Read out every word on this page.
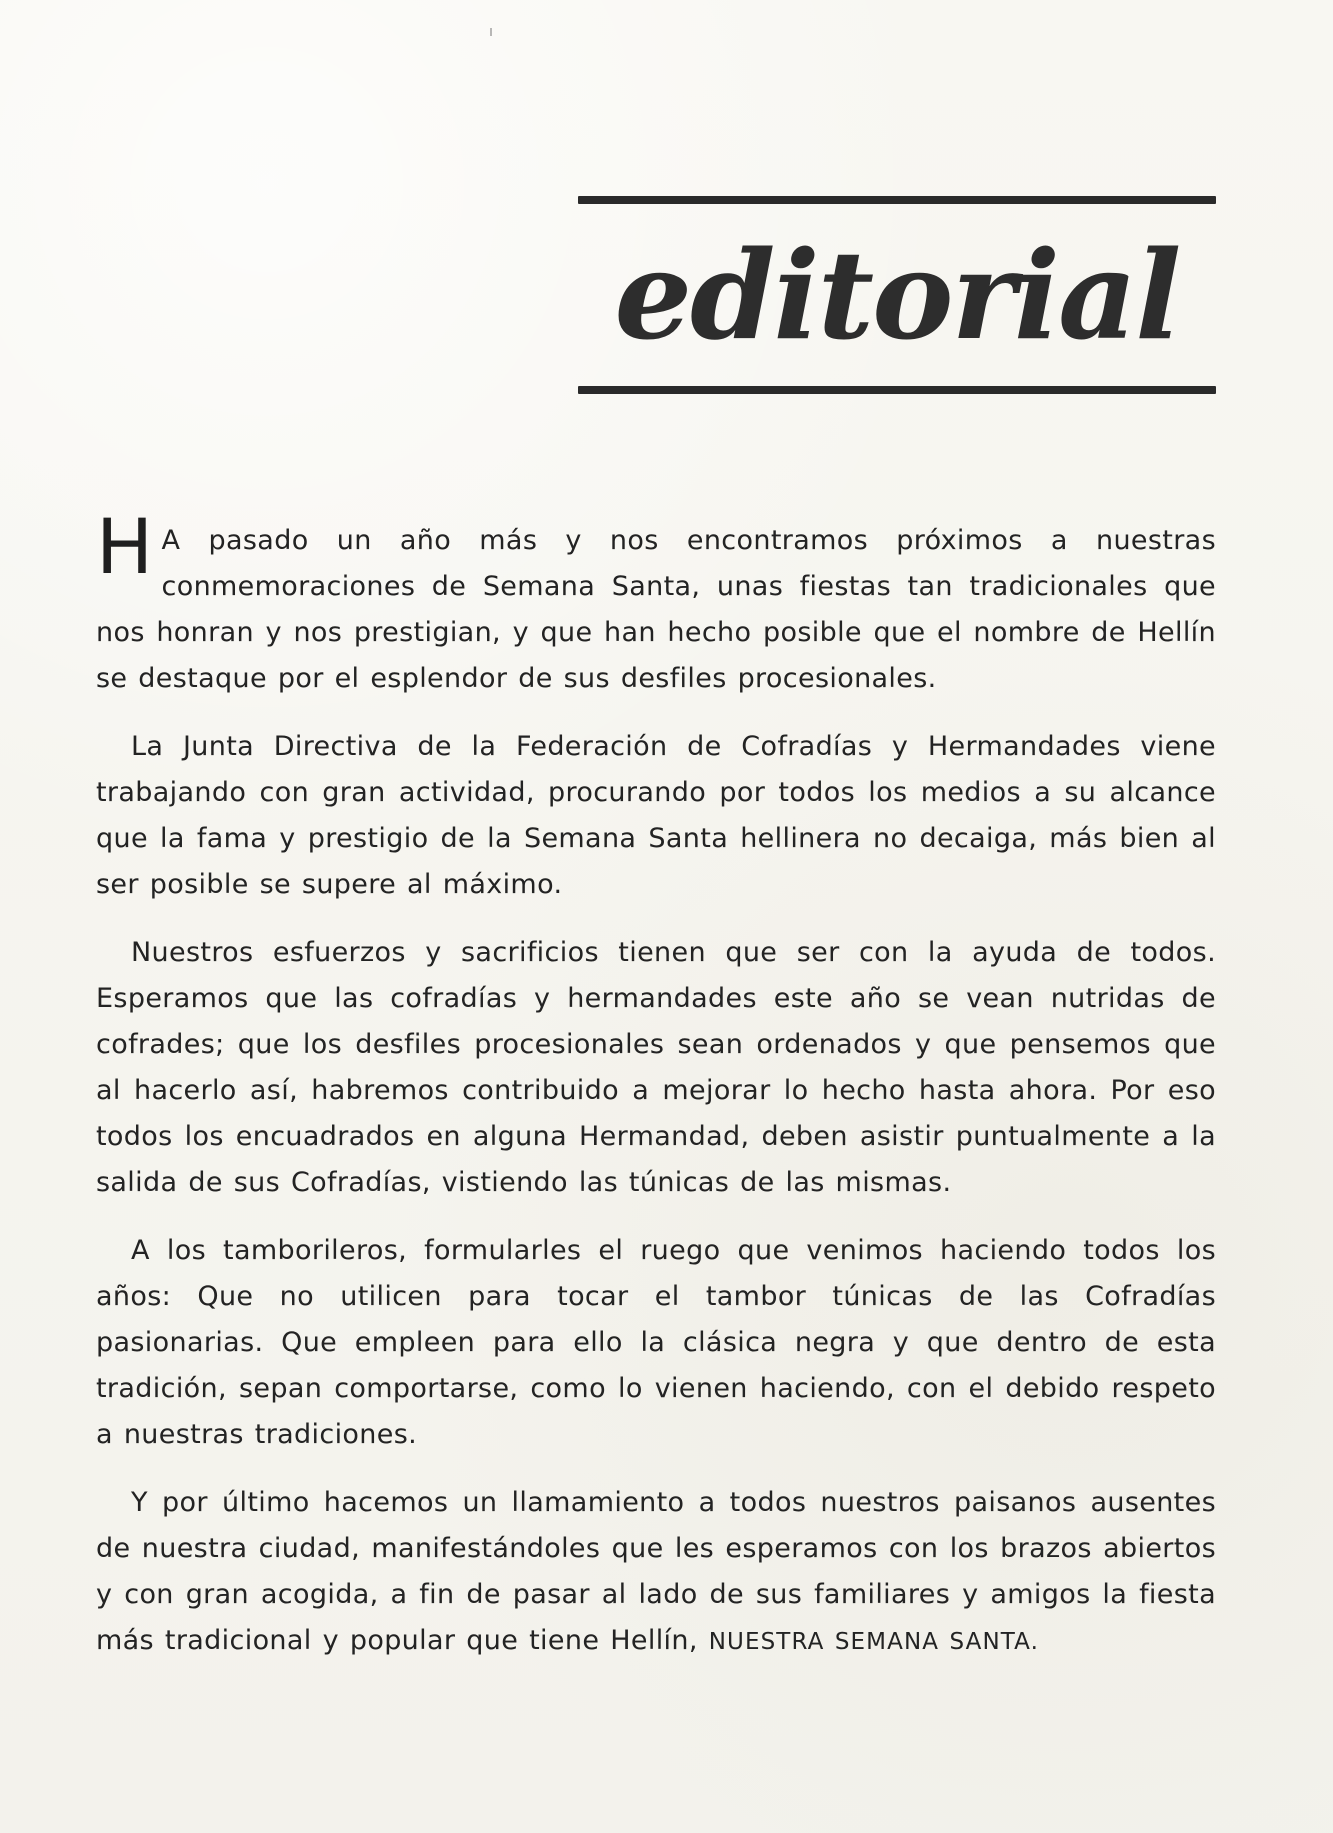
editorial

H A pasado un año más y nos encontramos próximos a nuestras conmemoraciones de Semana Santa, unas fiestas tan tradicionales que nos honran y nos prestigian, y que han hecho posible que el nombre de Hellín se destaque por el esplendor de sus desfiles procesionales.

La Junta Directiva de la Federación de Cofradías y Hermandades viene trabajando con gran actividad, procurando por todos los medios a su alcance que la fama y prestigio de la Semana Santa hellinera no decaiga, más bien al ser posible se supere al máximo.

Nuestros esfuerzos y sacrificios tienen que ser con la ayuda de todos. Esperamos que las cofradías y hermandades este año se vean nutridas de cofrades; que los desfiles procesionales sean ordenados y que pensemos que al hacerlo así, habremos contribuido a mejorar lo hecho hasta ahora. Por eso todos los encuadrados en alguna Hermandad, deben asistir puntualmente a la salida de sus Cofradías, vistiendo las túnicas de las mismas.

A los tamborileros, formularles el ruego que venimos haciendo todos los años: Que no utilicen para tocar el tambor túnicas de las Cofradías pasionarias. Que empleen para ello la clásica negra y que dentro de esta tradición, sepan comportarse, como lo vienen haciendo, con el debido respeto a nuestras tradiciones.

Y por último hacemos un llamamiento a todos nuestros paisanos ausentes de nuestra ciudad, manifestándoles que les esperamos con los brazos abiertos y con gran acogida, a fin de pasar al lado de sus familiares y amigos la fiesta más tradicional y popular que tiene Hellín, NUESTRA SEMANA SANTA.
